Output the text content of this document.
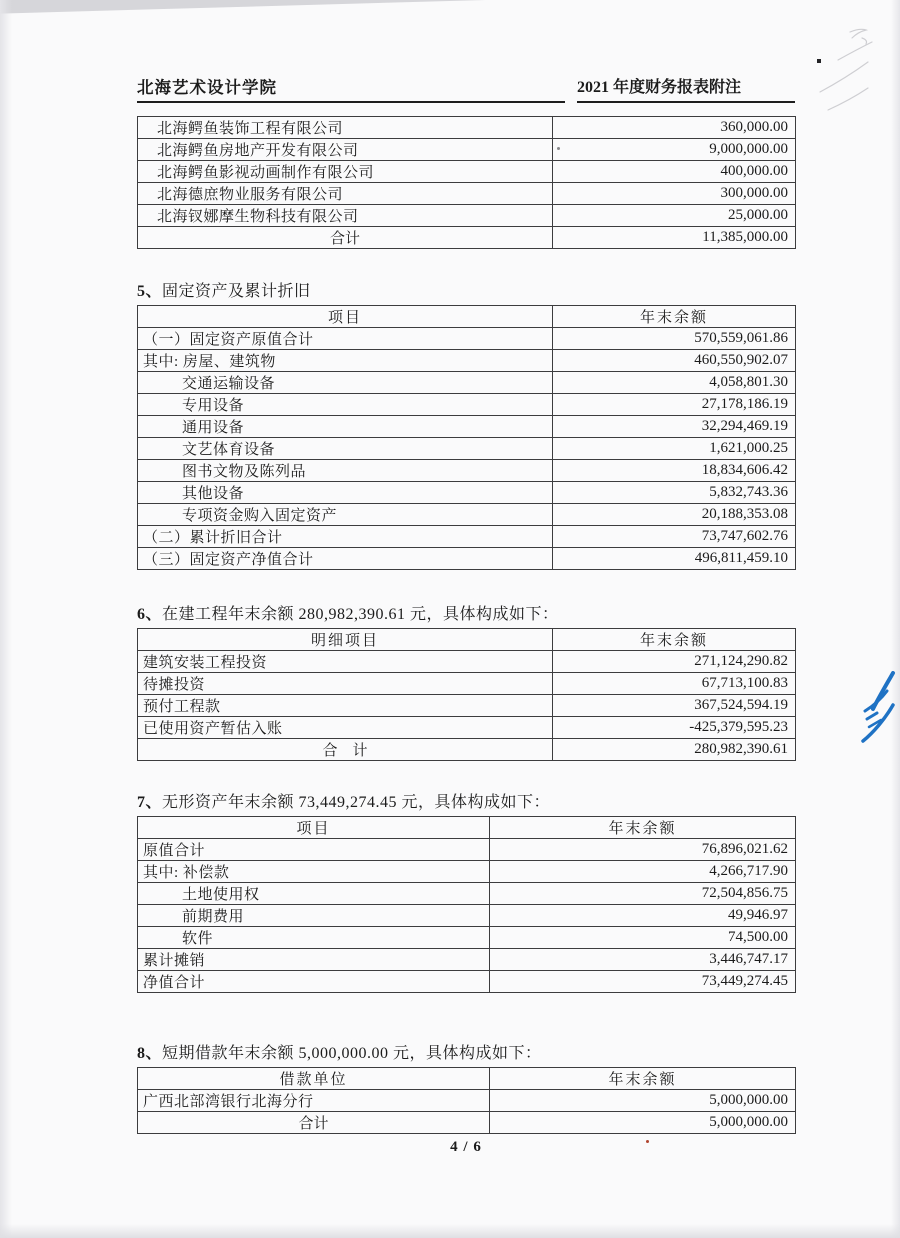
北海艺术设计学院	2021 年度财务报表附注
北海鳄鱼装饰工程有限公司	360,000.00
北海鳄鱼房地产开发有限公司	9,000,000.00
北海鳄鱼影视动画制作有限公司	400,000.00
北海德庶物业服务有限公司	300,000.00
北海钗娜摩生物科技有限公司	25,000.00
合计	11,385,000.00
5、固定资产及累计折旧
项目	年末余额
（一）固定资产原值合计	570,559,061.86
其中: 房屋、建筑物	460,550,902.07
交通运输设备	4,058,801.30
专用设备	27,178,186.19
通用设备	32,294,469.19
文艺体育设备	1,621,000.25
图书文物及陈列品	18,834,606.42
其他设备	5,832,743.36
专项资金购入固定资产	20,188,353.08
（二）累计折旧合计	73,747,602.76
（三）固定资产净值合计	496,811,459.10
6、在建工程年末余额 280,982,390.61 元，具体构成如下：
明细项目	年末余额
建筑安装工程投资	271,124,290.82
待摊投资	67,713,100.83
预付工程款	367,524,594.19
已使用资产暂估入账	-425,379,595.23
合　计	280,982,390.61
7、无形资产年末余额 73,449,274.45 元，具体构成如下：
项目	年末余额
原值合计	76,896,021.62
其中: 补偿款	4,266,717.90
土地使用权	72,504,856.75
前期费用	49,946.97
软件	74,500.00
累计摊销	3,446,747.17
净值合计	73,449,274.45
8、短期借款年末余额 5,000,000.00 元，具体构成如下：
借款单位	年末余额
广西北部湾银行北海分行	5,000,000.00
合计	5,000,000.00
4 / 6
